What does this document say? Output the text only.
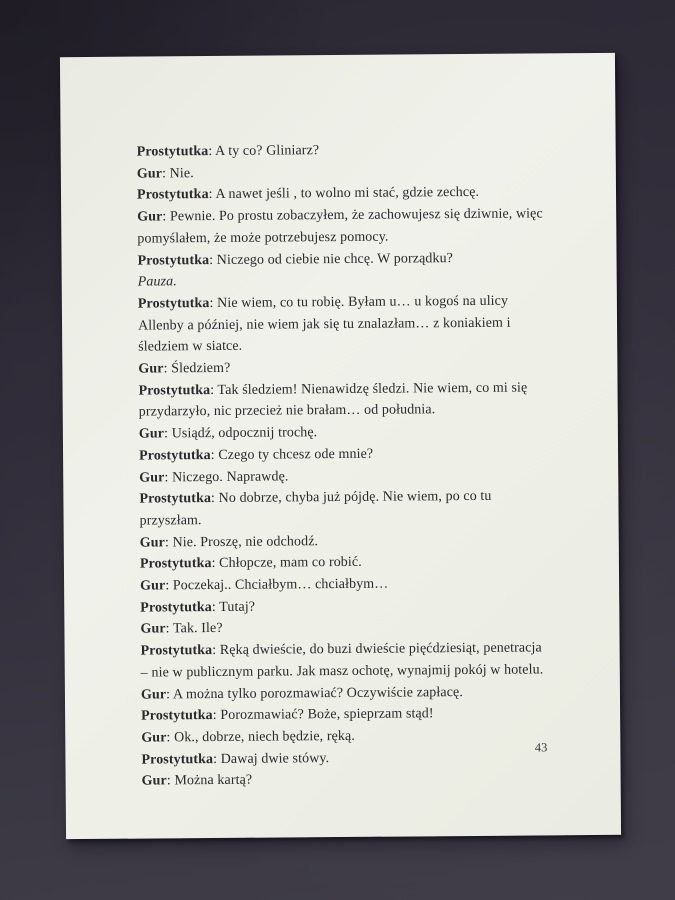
Prostytutka: A ty co? Gliniarz?

Gur: Nie.

Prostytutka: A nawet jeśli , to wolno mi stać, gdzie zechcę.

Gur: Pewnie. Po prostu zobaczyłem, że zachowujesz się dziwnie, więc pomyślałem, że może potrzebujesz pomocy.

Prostytutka: Niczego od ciebie nie chcę. W porządku?

Pauza.

Prostytutka: Nie wiem, co tu robię. Byłam u… u kogoś na ulicy Allenby a później, nie wiem jak się tu znalazłam… z koniakiem i śledziem w siatce.

Gur: Śledziem?

Prostytutka: Tak śledziem! Nienawidzę śledzi. Nie wiem, co mi się przydarzyło, nic przecież nie brałam… od południa.

Gur: Usiądź, odpocznij trochę.

Prostytutka: Czego ty chcesz ode mnie?

Gur: Niczego. Naprawdę.

Prostytutka: No dobrze, chyba już pójdę. Nie wiem, po co tu przyszłam.

Gur: Nie. Proszę, nie odchodź.

Prostytutka: Chłopcze, mam co robić.

Gur: Poczekaj.. Chciałbym… chciałbym…

Prostytutka: Tutaj?

Gur: Tak. Ile?

Prostytutka: Ręką dwieście, do buzi dwieście pięćdziesiąt, penetracja – nie w publicznym parku. Jak masz ochotę, wynajmij pokój w hotelu.

Gur: A można tylko porozmawiać? Oczywiście zapłacę.

Prostytutka: Porozmawiać? Boże, spieprzam stąd!

Gur: Ok., dobrze, niech będzie, ręką.

Prostytutka: Dawaj dwie stówy.

Gur: Można kartą?

43
